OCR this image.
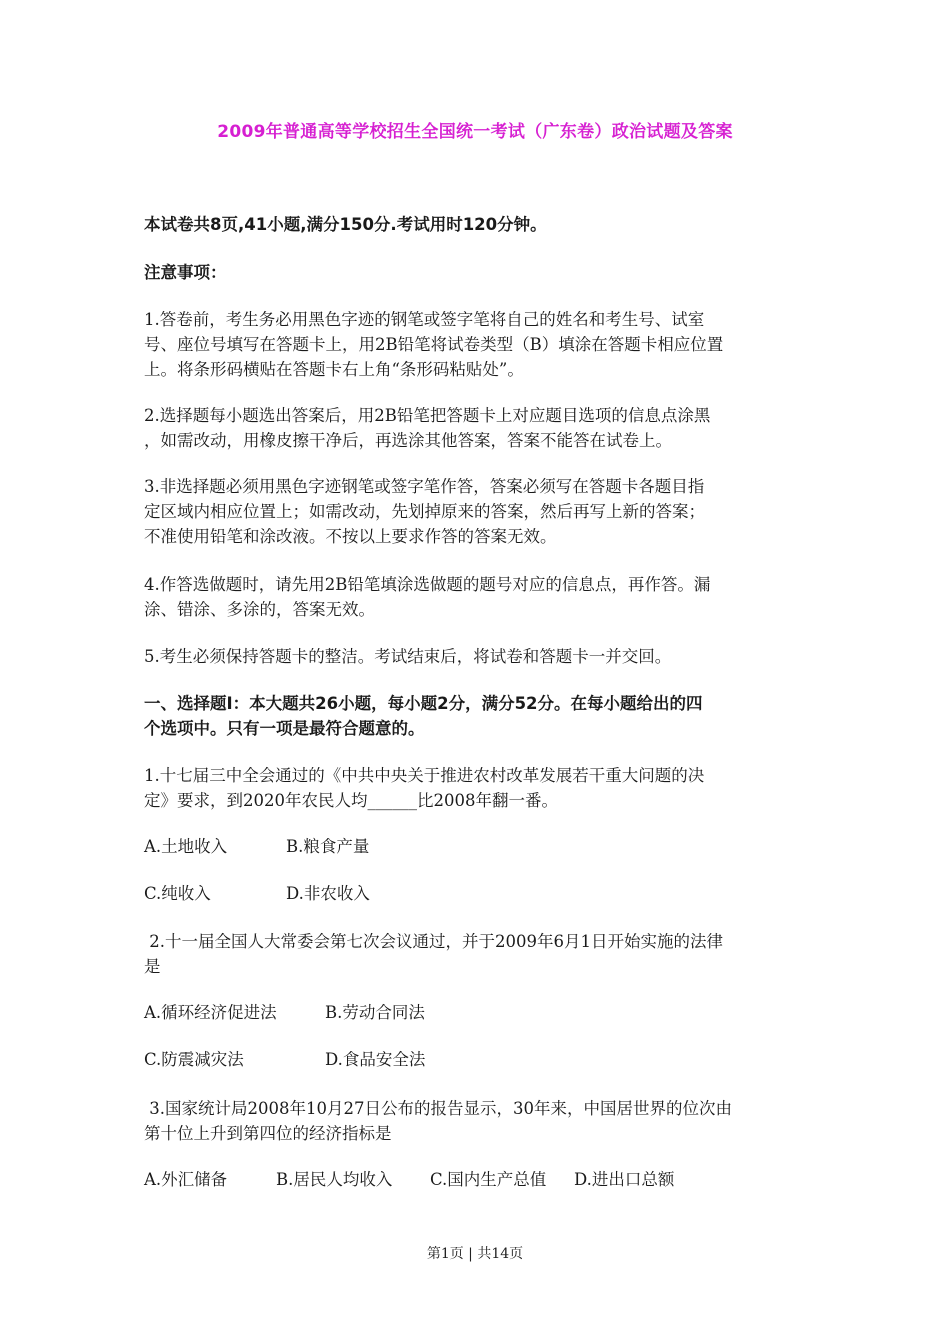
2009年普通高等学校招生全国统一考试（广东卷）政治试题及答案

本试卷共8页,41小题,满分150分.考试用时120分钟。

注意事项：

1.答卷前，考生务必用黑色字迹的钢笔或签字笔将自己的姓名和考生号、试室
号、座位号填写在答题卡上，用2B铅笔将试卷类型（B）填涂在答题卡相应位置
上。将条形码横贴在答题卡右上角“条形码粘贴处”。

2.选择题每小题选出答案后，用2B铅笔把答题卡上对应题目选项的信息点涂黑
，如需改动，用橡皮擦干净后，再选涂其他答案，答案不能答在试卷上。

3.非选择题必须用黑色字迹钢笔或签字笔作答，答案必须写在答题卡各题目指
定区域内相应位置上；如需改动，先划掉原来的答案，然后再写上新的答案；
不准使用铅笔和涂改液。不按以上要求作答的答案无效。

4.作答选做题时，请先用2B铅笔填涂选做题的题号对应的信息点，再作答。漏
涂、错涂、多涂的，答案无效。

5.考生必须保持答题卡的整洁。考试结束后，将试卷和答题卡一并交回。

一、选择题Ⅰ：本大题共26小题，每小题2分，满分52分。在每小题给出的四
个选项中。只有一项是最符合题意的。

1.十七届三中全会通过的《中共中央关于推进农村改革发展若干重大问题的决
定》要求，到2020年农民人均______比2008年翻一番。

A.土地收入	B.粮食产量
C.纯收入	D.非农收入

2.十一届全国人大常委会第七次会议通过，并于2009年6月1日开始实施的法律
是

A.循环经济促进法	B.劳动合同法
C.防震减灾法	D.食品安全法

3.国家统计局2008年10月27日公布的报告显示，30年来，中国居世界的位次由
第十位上升到第四位的经济指标是

A.外汇储备	B.居民人均收入 C.国内生产总值 D.进出口总额
第1页 | 共14页
